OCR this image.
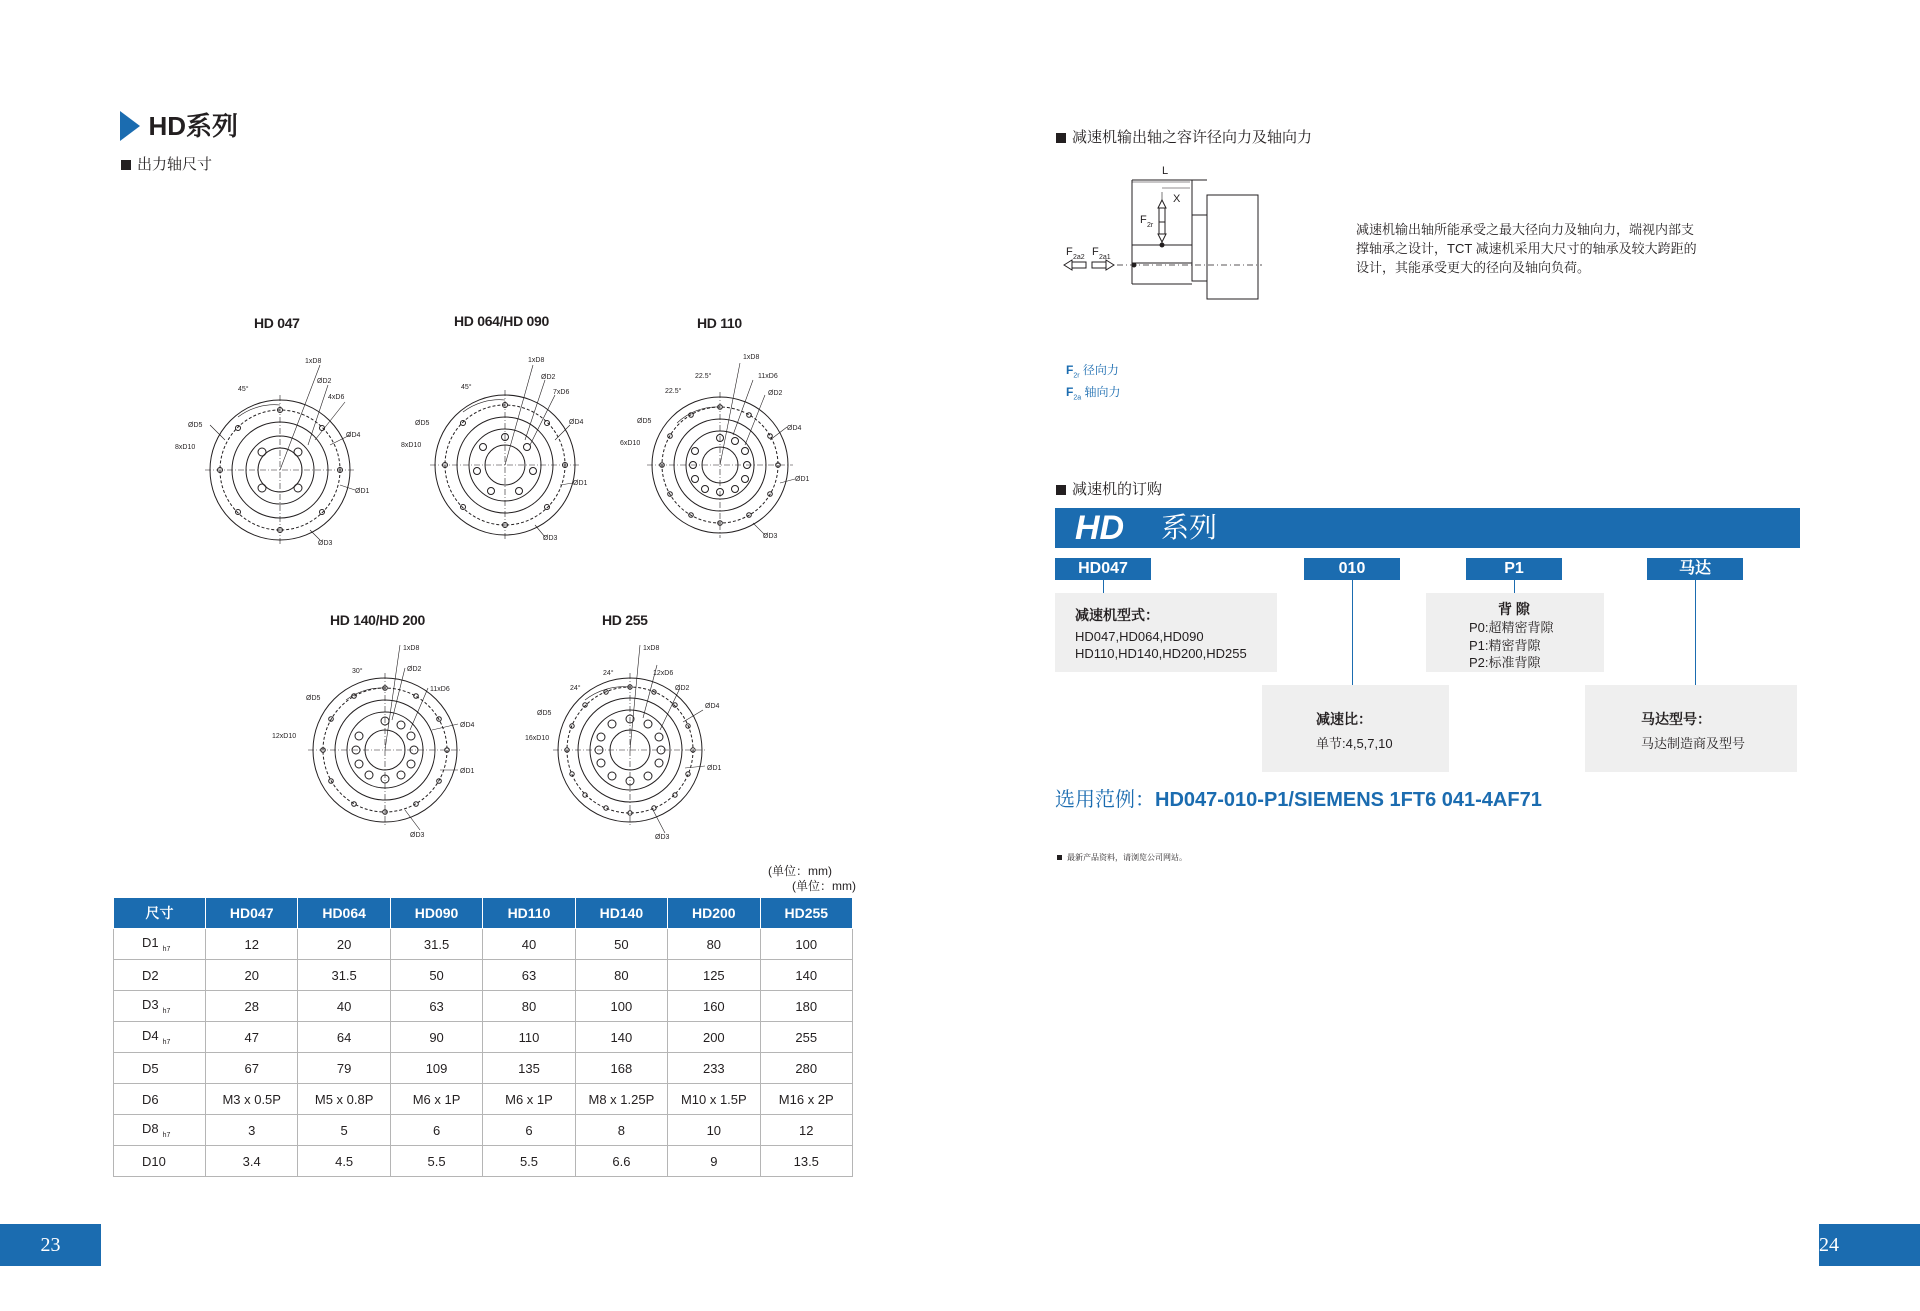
HD系列
出力轴尺寸
HD 047	HD 064/HD 090	HD 110
HD 140/HD 200	HD 255
1xD8
ØD2
4xD6
ØD4
ØD1
ØD3
ØD5
8xD10
45°
1xD8
ØD2
7xD6
ØD4
ØD1
ØD3
ØD5
8xD10
45°
1xD8
11xD6
ØD2
ØD4
ØD1
ØD3
ØD5
6xD10
22.5°
22.5°
1xD8
ØD2
11xD6
ØD4
ØD1
ØD3
ØD5
12xD10
30°
1xD8
12xD6
ØD2
ØD4
ØD1
ØD3
ØD5
16xD10
24°
24°
(单位：mm)
(单位：mm)
尺寸	HD047	HD064	HD090	HD110	HD140	HD200	HD255
D1 $_{h7}$	12	20	31.5	40	50	80	100
D2	20	31.5	50	63	80	125	140
D3 $_{h7}$	28	40	63	80	100	160	180
D4 $_{h7}$	47	64	90	110	140	200	255
D5	67	79	109	135	168	233	280
D6	M3 x 0.5P	M5 x 0.8P	M6 x 1P	M6 x 1P	M8 x 1.25P	M10 x 1.5P	M16 x 2P
D8 $_{h7}$	3	5	6	6	8	10	12
D10	3.4	4.5	5.5	5.5	6.6	9	13.5
23
减速机输出轴之容许径向力及轴向力
L
X
F 2r
F 2a2 F 2a1
减速机输出轴所能承受之最大径向力及轴向力，端视内部支
撑轴承之设计，TCT 减速机采用大尺寸的轴承及较大跨距的
设计，其能承受更大的径向及轴向负荷。
$F_{2r}$ 径向力
$F_{2a}$ 轴向力
减速机的订购
HD 系列
HD047	010	P1	马达
减速机型式：
HD047,HD064,HD090
HD110,HD140,HD200,HD255
背 隙
P0:超精密背隙
P1:精密背隙
P2:标准背隙
减速比：
单节:4,5,7,10
马达型号：
马达制造商及型号
选用范例：HD047-010-P1/SIEMENS 1FT6 041-4AF71
最新产品资料，请浏览公司网站。
24
